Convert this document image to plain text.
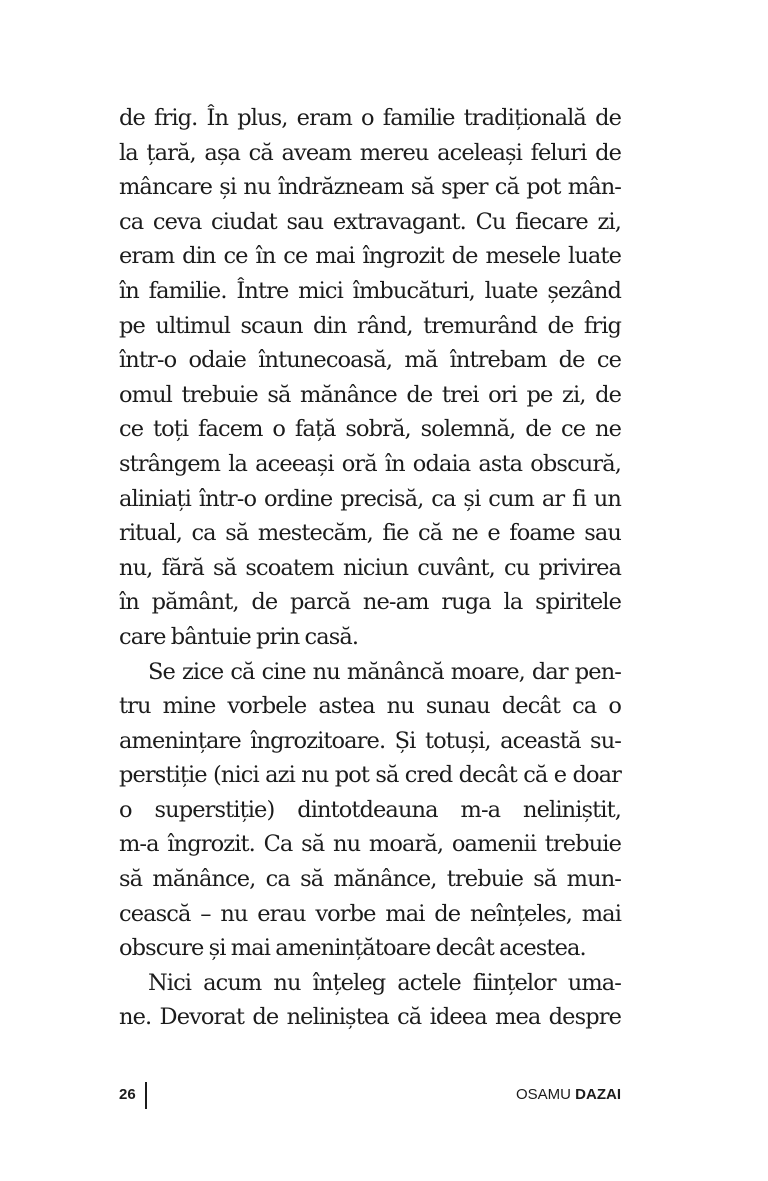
de frig. În plus, eram o familie tradițională de
la țară, așa că aveam mereu aceleași feluri de
mâncare și nu îndrăzneam să sper că pot mân-
ca ceva ciudat sau extravagant. Cu fiecare zi,
eram din ce în ce mai îngrozit de mesele luate
în familie. Între mici îmbucături, luate șezând
pe ultimul scaun din rând, tremurând de frig
într-o odaie întunecoasă, mă întrebam de ce
omul trebuie să mănânce de trei ori pe zi, de
ce toți facem o față sobră, solemnă, de ce ne
strângem la aceeași oră în odaia asta obscură,
aliniați într-o ordine precisă, ca și cum ar fi un
ritual, ca să mestecăm, fie că ne e foame sau
nu, fără să scoatem niciun cuvânt, cu privirea
în pământ, de parcă ne-am ruga la spiritele
care bântuie prin casă.
Se zice că cine nu mănâncă moare, dar pen-
tru mine vorbele astea nu sunau decât ca o
amenințare îngrozitoare. Și totuși, această su-
perstiție (nici azi nu pot să cred decât că e doar
o superstiție) dintotdeauna m-a neliniștit,
m-a îngrozit. Ca să nu moară, oamenii trebuie
să mănânce, ca să mănânce, trebuie să mun-
cească – nu erau vorbe mai de neînțeles, mai
obscure și mai amenințătoare decât acestea.
Nici acum nu înțeleg actele ființelor uma-
ne. Devorat de neliniștea că ideea mea despre
26	OSAMU DAZAI
